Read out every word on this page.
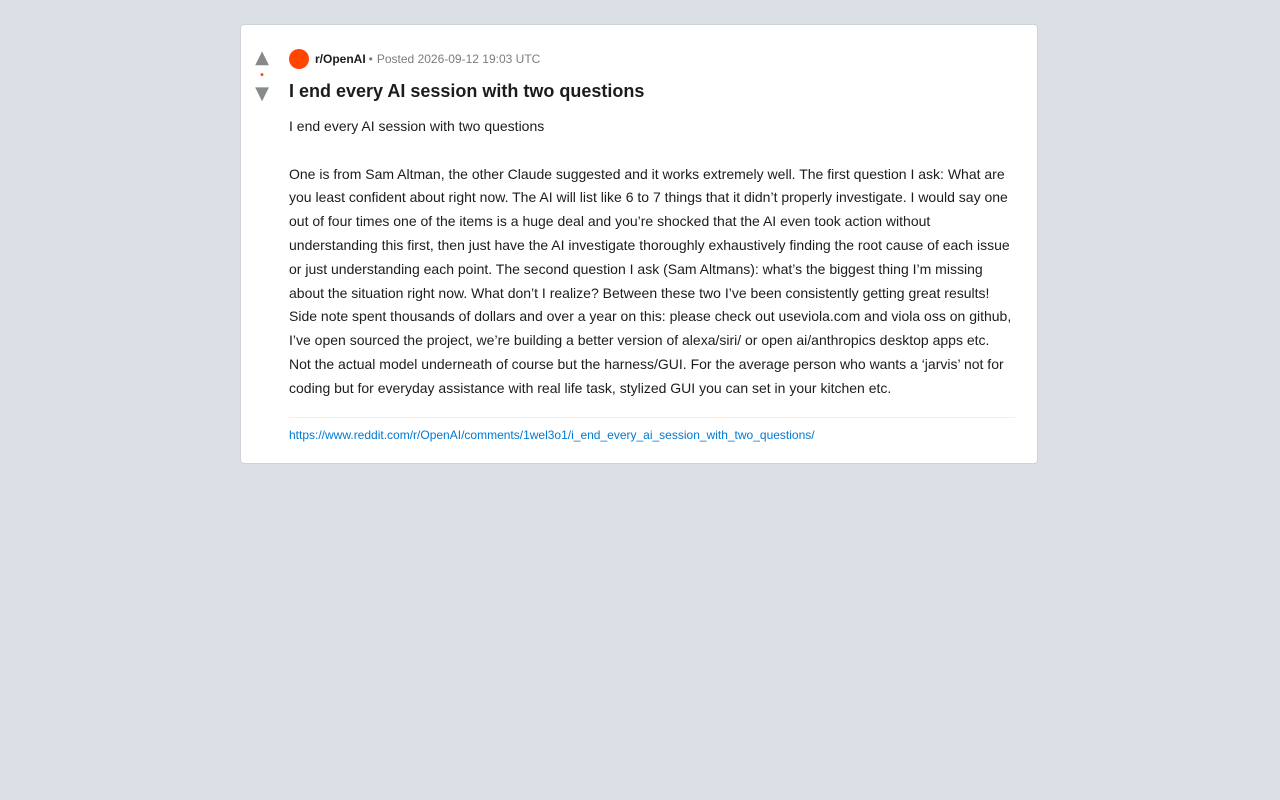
▲
•
▼
r/OpenAI • Posted 2026-09-12 19:03 UTC
I end every AI session with two questions

I end every AI session with two questions

One is from Sam Altman, the other Claude suggested and it works extremely well. The first question I ask: What are you least confident about right now. The AI will list like 6 to 7 things that it didn’t properly investigate. I would say one out of four times one of the items is a huge deal and you’re shocked that the AI even took action without understanding this first, then just have the AI investigate thoroughly exhaustively finding the root cause of each issue or just understanding each point. The second question I ask (Sam Altmans): what’s the biggest thing I’m missing about the situation right now. What don’t I realize? Between these two I’ve been consistently getting great results! Side note spent thousands of dollars and over a year on this: please check out useviola.com and viola oss on github, I’ve open sourced the project, we’re building a better version of alexa/siri/ or open ai/anthropics desktop apps etc. Not the actual model underneath of course but the harness/GUI. For the average person who wants a ‘jarvis’ not for coding but for everyday assistance with real life task, stylized GUI you can set in your kitchen etc.

https://www.reddit.com/r/OpenAI/comments/1wel3o1/i_end_every_ai_session_with_two_questions/
